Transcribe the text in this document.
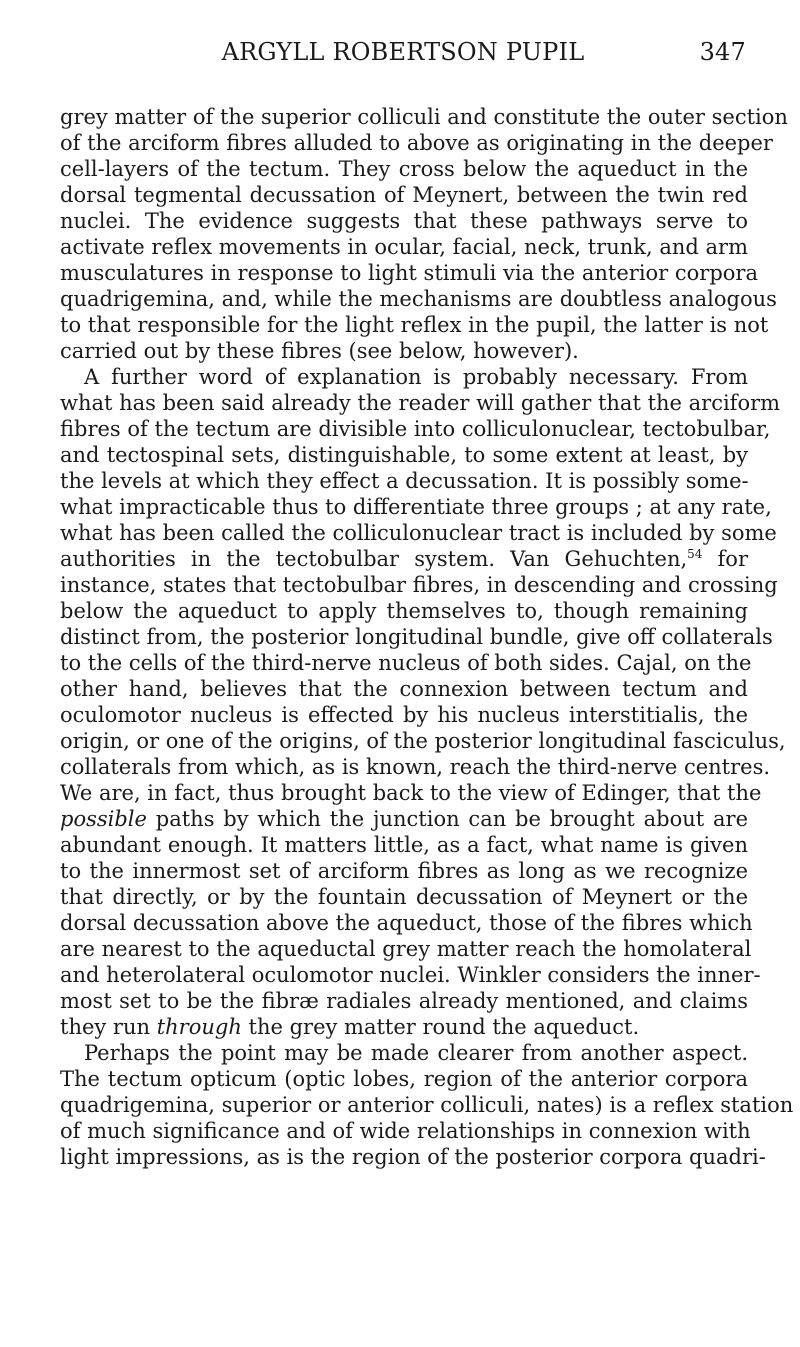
ARGYLL ROBERTSON PUPIL	347

grey matter of the superior colliculi and constitute the outer section
of the arciform fibres alluded to above as originating in the deeper
cell-layers of the tectum. They cross below the aqueduct in the
dorsal tegmental decussation of Meynert, between the twin red
nuclei. The evidence suggests that these pathways serve to
activate reflex movements in ocular, facial, neck, trunk, and arm
musculatures in response to light stimuli via the anterior corpora
quadrigemina, and, while the mechanisms are doubtless analogous
to that responsible for the light reflex in the pupil, the latter is not
carried out by these fibres (see below, however).

A further word of explanation is probably necessary. From
what has been said already the reader will gather that the arciform
fibres of the tectum are divisible into colliculonuclear, tectobulbar,
and tectospinal sets, distinguishable, to some extent at least, by
the levels at which they effect a decussation. It is possibly some-
what impracticable thus to differentiate three groups ; at any rate,
what has been called the colliculonuclear tract is included by some
authorities in the tectobulbar system. Van Gehuchten,$^{54}$ for
instance, states that tectobulbar fibres, in descending and crossing
below the aqueduct to apply themselves to, though remaining
distinct from, the posterior longitudinal bundle, give off collaterals
to the cells of the third-nerve nucleus of both sides. Cajal, on the
other hand, believes that the connexion between tectum and
oculomotor nucleus is effected by his nucleus interstitialis, the
origin, or one of the origins, of the posterior longitudinal fasciculus,
collaterals from which, as is known, reach the third-nerve centres.
We are, in fact, thus brought back to the view of Edinger, that the
possible paths by which the junction can be brought about are
abundant enough. It matters little, as a fact, what name is given
to the innermost set of arciform fibres as long as we recognize
that directly, or by the fountain decussation of Meynert or the
dorsal decussation above the aqueduct, those of the fibres which
are nearest to the aqueductal grey matter reach the homolateral
and heterolateral oculomotor nuclei. Winkler considers the inner-
most set to be the fibræ radiales already mentioned, and claims
they run through the grey matter round the aqueduct.

Perhaps the point may be made clearer from another aspect.
The tectum opticum (optic lobes, region of the anterior corpora
quadrigemina, superior or anterior colliculi, nates) is a reflex station
of much significance and of wide relationships in connexion with
light impressions, as is the region of the posterior corpora quadri-
